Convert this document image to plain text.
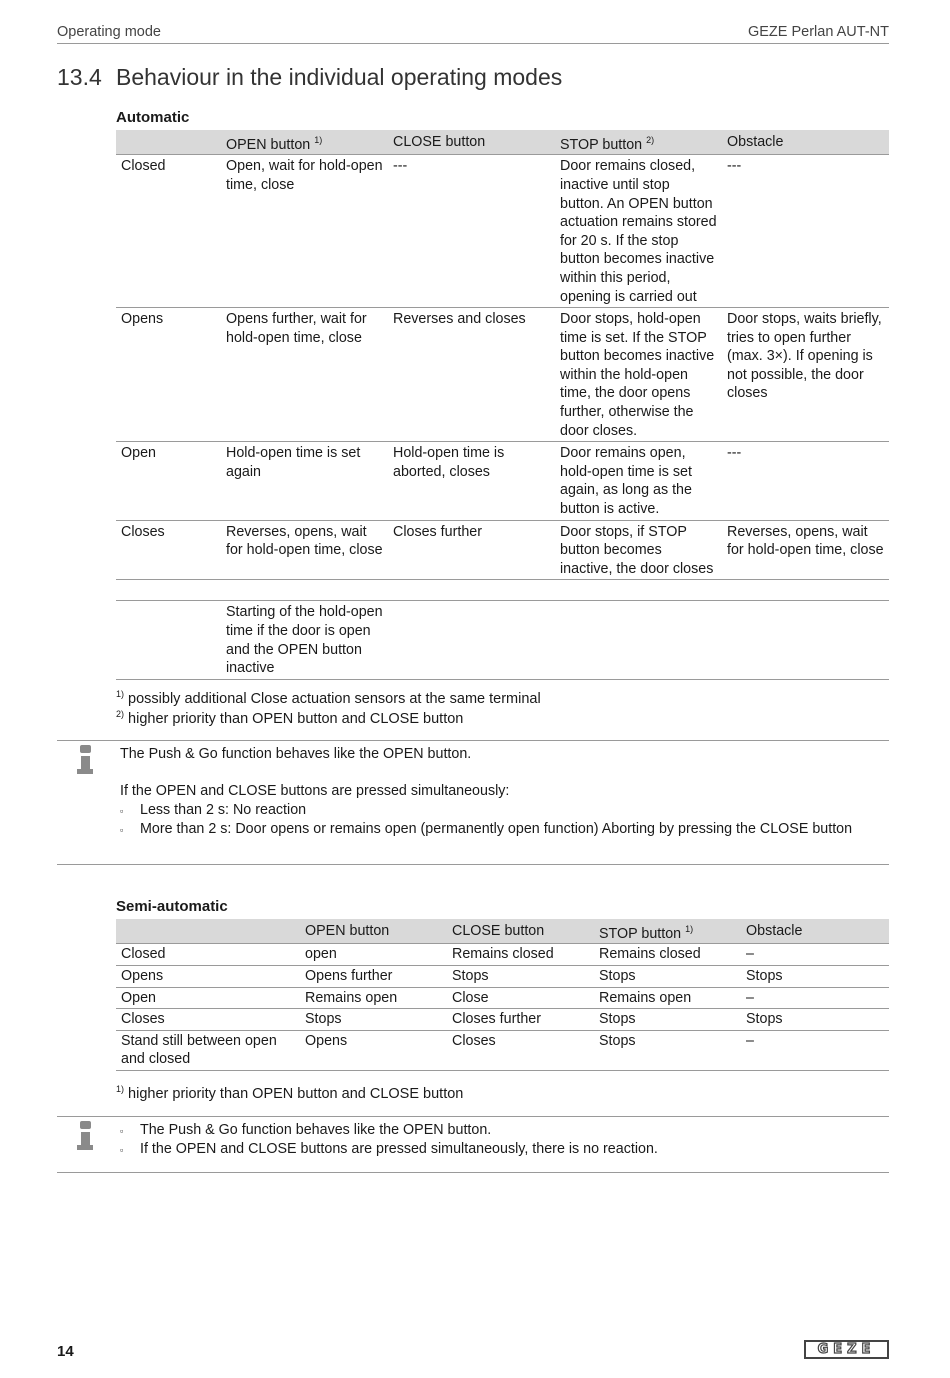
Operating mode	GEZE Perlan AUT-NT
13.4 Behaviour in the individual operating modes
Automatic
	OPEN button $^{1)}$	CLOSE button	STOP button $^{2)}$	Obstacle
Closed	Open, wait for hold-open time, close	---	Door remains closed, inactive until stop button. An OPEN button actuation remains stored for 20 s. If the stop button becomes inactive within this period, opening is carried out	---
Opens	Opens further, wait for hold-open time, close	Reverses and closes	Door stops, hold-open time is set. If the STOP button becomes inactive within the hold-open time, the door opens further, otherwise the door closes.	Door stops, waits briefly, tries to open further (max. 3×). If opening is not possible, the door closes
Open	Hold-open time is set again	Hold-open time is aborted, closes	Door remains open, hold-open time is set again, as long as the button is active.	---
Closes	Reverses, opens, wait for hold-open time, close	Closes further	Door stops, if STOP button becomes inactive, the door closes	Reverses, opens, wait for hold-open time, close

	Starting of the hold-open time if the door is open and the OPEN button inactive			
$^{1)}$ possibly additional Close actuation sensors at the same terminal
$^{2)}$ higher priority than OPEN button and CLOSE button
The Push & Go function behaves like the OPEN button.
If the OPEN and CLOSE buttons are pressed simultaneously:
▫ Less than 2 s: No reaction
▫ More than 2 s: Door opens or remains open (permanently open function) Aborting by pressing the CLOSE button
Semi-automatic
	OPEN button	CLOSE button	STOP button $^{1)}$	Obstacle
Closed	open	Remains closed	Remains closed	–
Opens	Opens further	Stops	Stops	Stops
Open	Remains open	Close	Remains open	–
Closes	Stops	Closes further	Stops	Stops
Stand still between open and closed	Opens	Closes	Stops	–
$^{1)}$ higher priority than OPEN button and CLOSE button
▫ The Push & Go function behaves like the OPEN button.
▫ If the OPEN and CLOSE buttons are pressed simultaneously, there is no reaction.
14	GEZE
